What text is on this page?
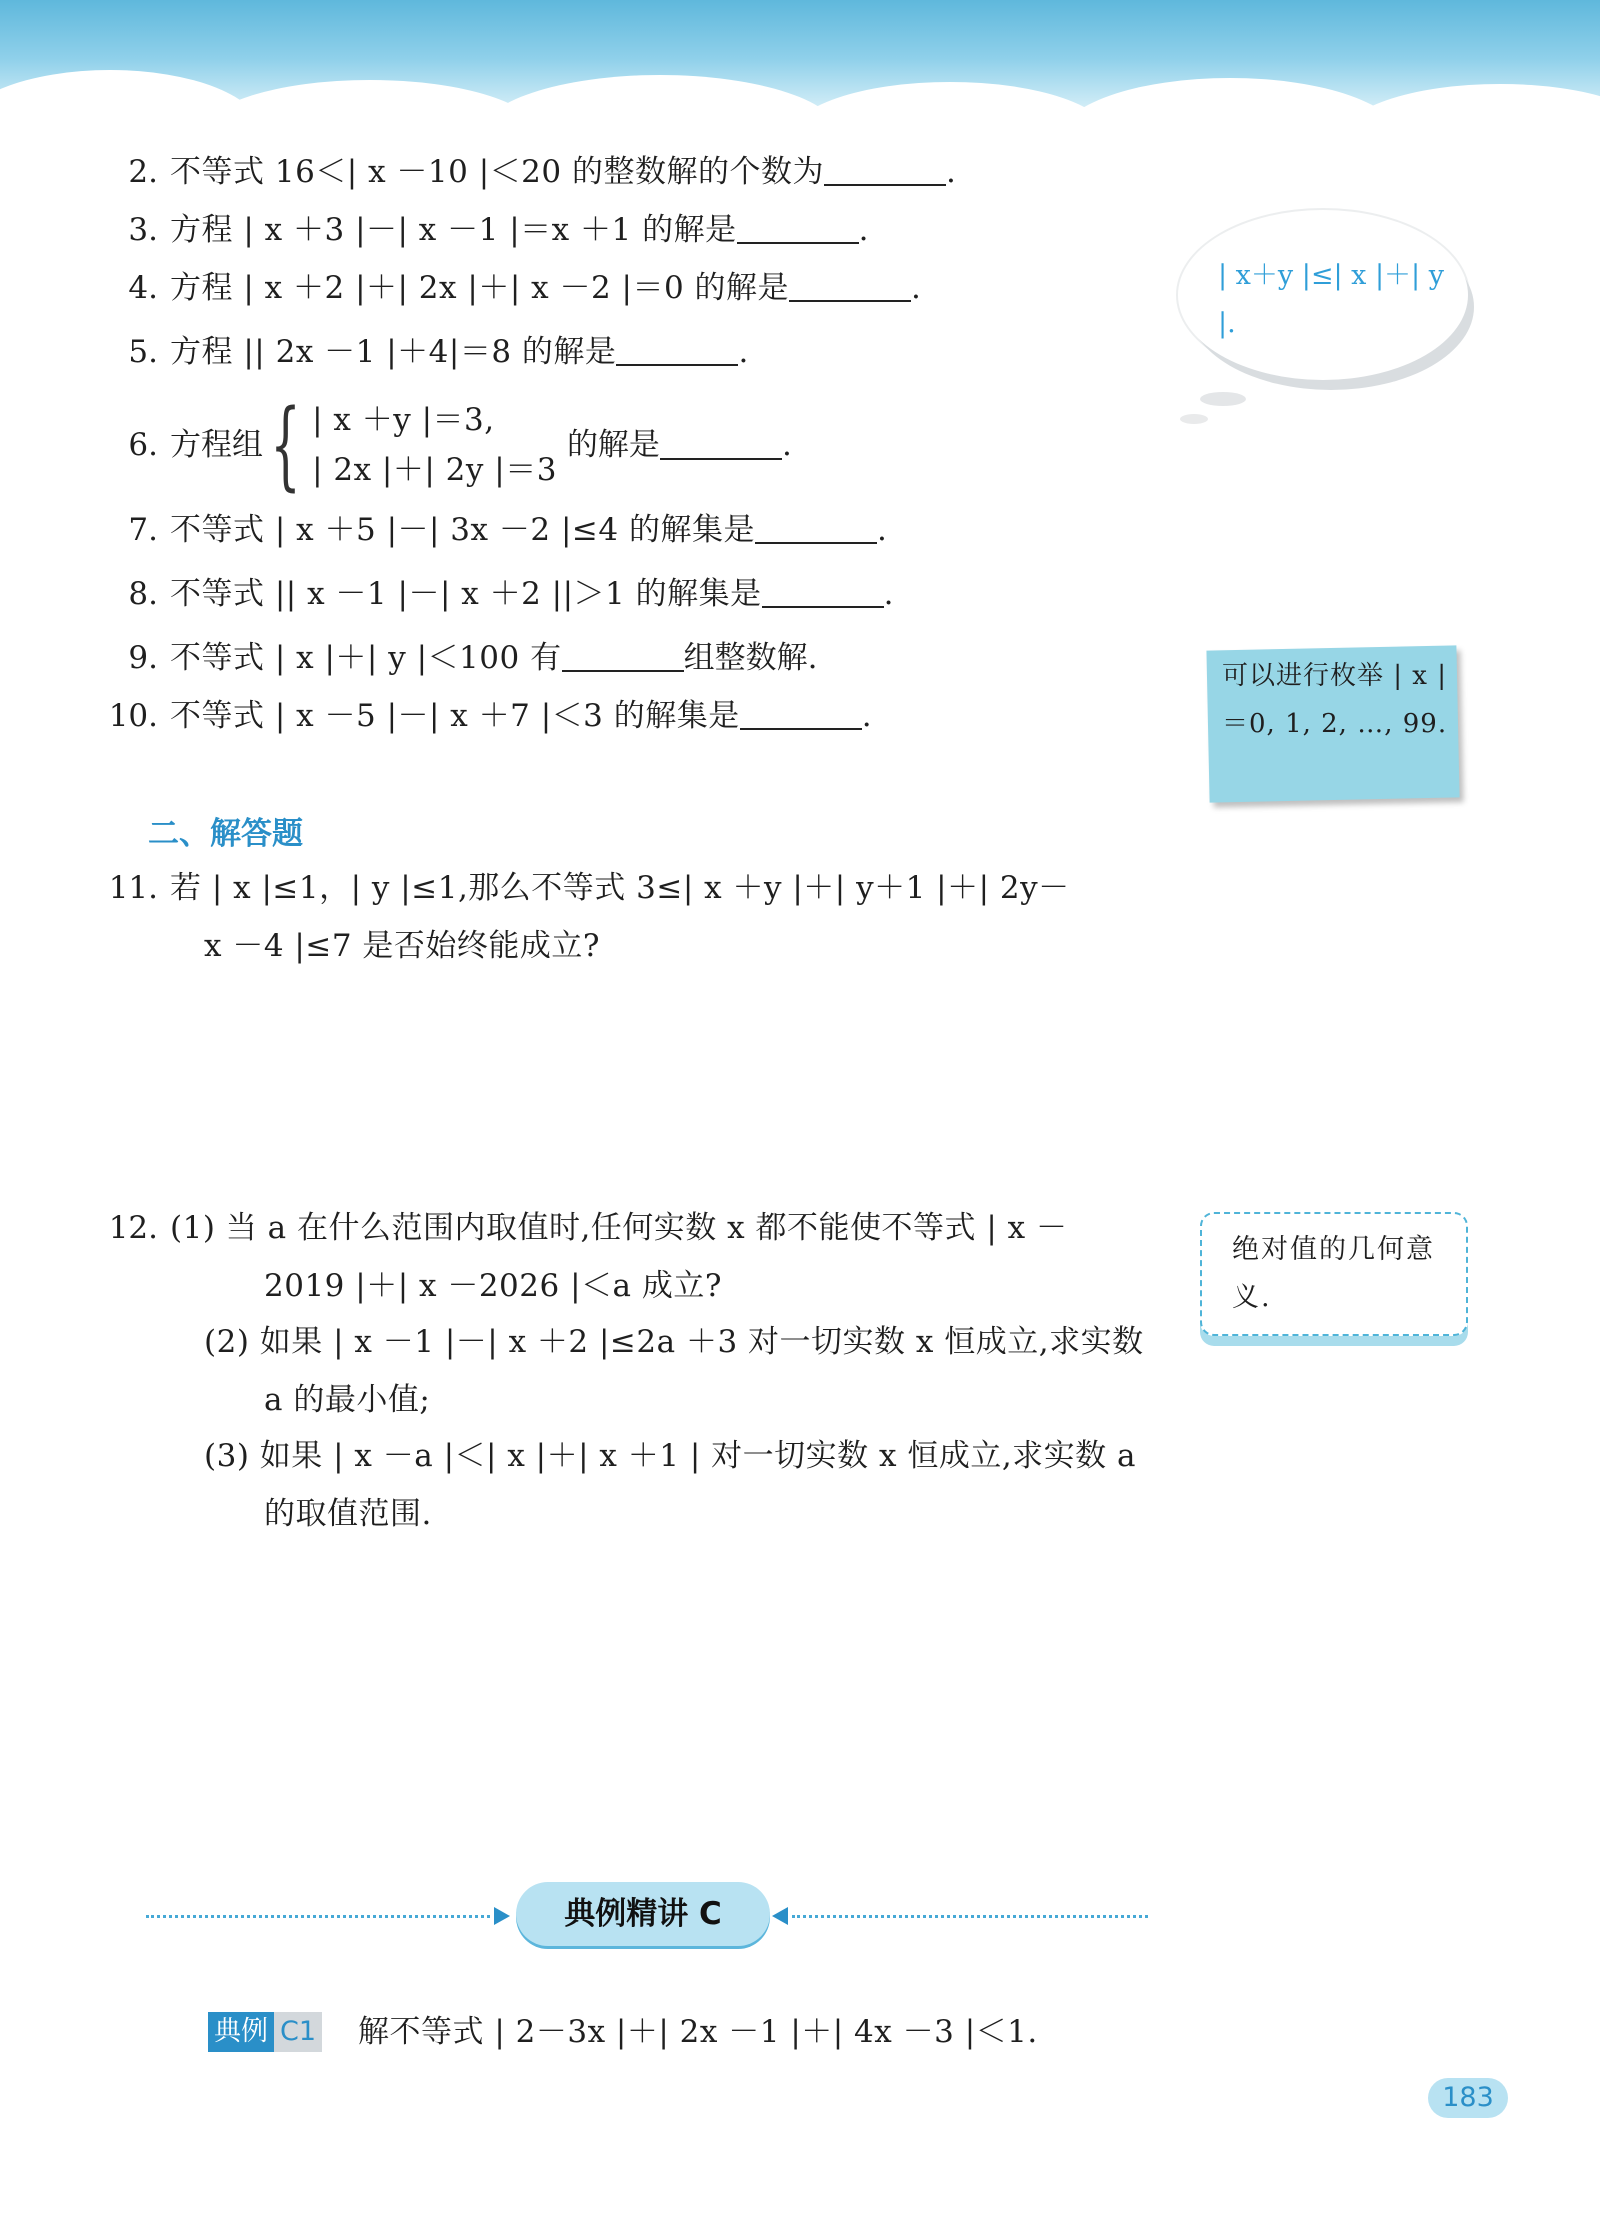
2. 不等式 16＜| x －10 |＜20 的整数解的个数为	.
3. 方程 | x ＋3 |－| x －1 |＝x ＋1 的解是	.
4. 方程 | x ＋2 |＋| 2x |＋| x －2 |＝0 的解是	.
5. 方程 || 2x －1 |＋4|＝8 的解是	.
6. 方程组 { | x ＋y |＝3,
| 2x |＋| 2y |＝3
的解是	.
7. 不等式 | x ＋5 |－| 3x －2 |≤4 的解集是	.
8. 不等式 || x －1 |－| x ＋2 ||＞1 的解集是	.
9. 不等式 | x |＋| y |＜100 有	组整数解.
10. 不等式 | x －5 |－| x ＋7 |＜3 的解集是	.
| x＋y |≤| x |＋| y |.
可以进行枚举 | x |＝0, 1, 2, …, 99.
二、解答题
11. 若 | x |≤1，| y |≤1,那么不等式 3≤| x ＋y |＋| y＋1 |＋| 2y－
x －4 |≤7 是否始终能成立?
12. (1) 当 a 在什么范围内取值时,任何实数 x 都不能使不等式 | x －
2019 |＋| x －2026 |＜a 成立?
(2) 如果 | x －1 |－| x ＋2 |≤2a ＋3 对一切实数 x 恒成立,求实数
a 的最小值;
(3) 如果 | x －a |＜| x |＋| x ＋1 | 对一切实数 x 恒成立,求实数 a
的取值范围.
绝对值的几何意义.
典例精讲 C
典例 C1 解不等式 | 2－3x |＋| 2x －1 |＋| 4x －3 |＜1.
183
